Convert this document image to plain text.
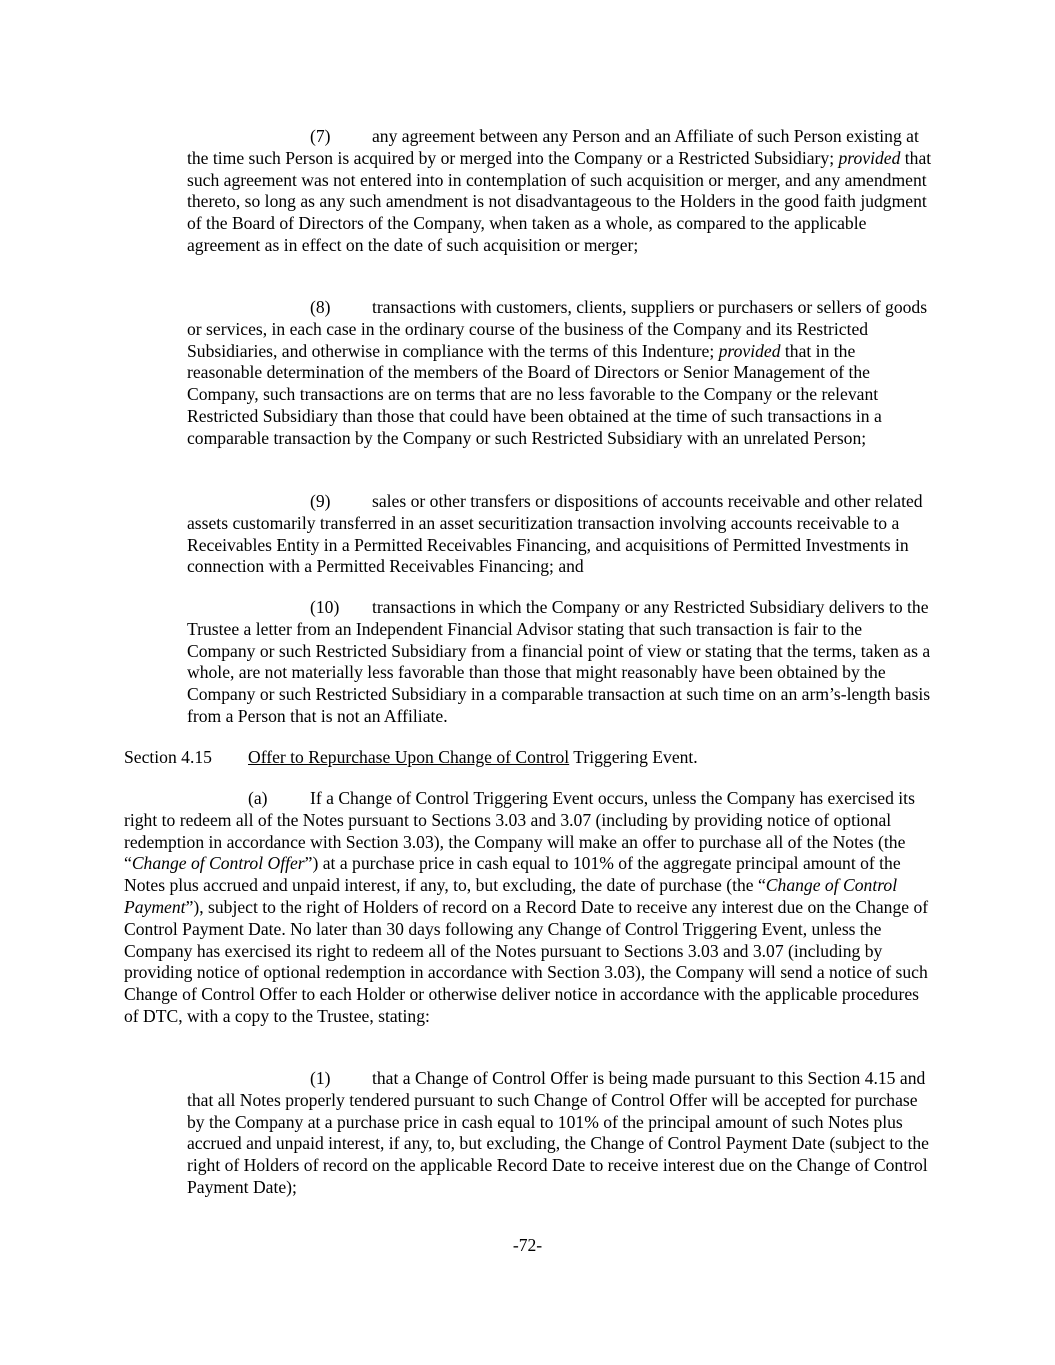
(7) any agreement between any Person and an Affiliate of such Person existing at the time such Person is acquired by or merged into the Company or a Restricted Subsidiary; provided that such agreement was not entered into in contemplation of such acquisition or merger, and any amendment thereto, so long as any such amendment is not disadvantageous to the Holders in the good faith judgment of the Board of Directors of the Company, when taken as a whole, as compared to the applicable agreement as in effect on the date of such acquisition or merger;

(8) transactions with customers, clients, suppliers or purchasers or sellers of goods or services, in each case in the ordinary course of the business of the Company and its Restricted Subsidiaries, and otherwise in compliance with the terms of this Indenture; provided that in the reasonable determination of the members of the Board of Directors or Senior Management of the Company, such transactions are on terms that are no less favorable to the Company or the relevant Restricted Subsidiary than those that could have been obtained at the time of such transactions in a comparable transaction by the Company or such Restricted Subsidiary with an unrelated Person;

(9) sales or other transfers or dispositions of accounts receivable and other related assets customarily transferred in an asset securitization transaction involving accounts receivable to a Receivables Entity in a Permitted Receivables Financing, and acquisitions of Permitted Investments in connection with a Permitted Receivables Financing; and

(10) transactions in which the Company or any Restricted Subsidiary delivers to the Trustee a letter from an Independent Financial Advisor stating that such transaction is fair to the Company or such Restricted Subsidiary from a financial point of view or stating that the terms, taken as a whole, are not materially less favorable than those that might reasonably have been obtained by the Company or such Restricted Subsidiary in a comparable transaction at such time on an arm’s-length basis from a Person that is not an Affiliate.

Section 4.15 Offer to Repurchase Upon Change of Control Triggering Event.

(a) If a Change of Control Triggering Event occurs, unless the Company has exercised its right to redeem all of the Notes pursuant to Sections 3.03 and 3.07 (including by providing notice of optional redemption in accordance with Section 3.03), the Company will make an offer to purchase all of the Notes (the “Change of Control Offer”) at a purchase price in cash equal to 101% of the aggregate principal amount of the Notes plus accrued and unpaid interest, if any, to, but excluding, the date of purchase (the “Change of Control Payment”), subject to the right of Holders of record on a Record Date to receive any interest due on the Change of Control Payment Date. No later than 30 days following any Change of Control Triggering Event, unless the Company has exercised its right to redeem all of the Notes pursuant to Sections 3.03 and 3.07 (including by providing notice of optional redemption in accordance with Section 3.03), the Company will send a notice of such Change of Control Offer to each Holder or otherwise deliver notice in accordance with the applicable procedures of DTC, with a copy to the Trustee, stating:

(1) that a Change of Control Offer is being made pursuant to this Section 4.15 and that all Notes properly tendered pursuant to such Change of Control Offer will be accepted for purchase by the Company at a purchase price in cash equal to 101% of the principal amount of such Notes plus accrued and unpaid interest, if any, to, but excluding, the Change of Control Payment Date (subject to the right of Holders of record on the applicable Record Date to receive interest due on the Change of Control Payment Date);

-72-
